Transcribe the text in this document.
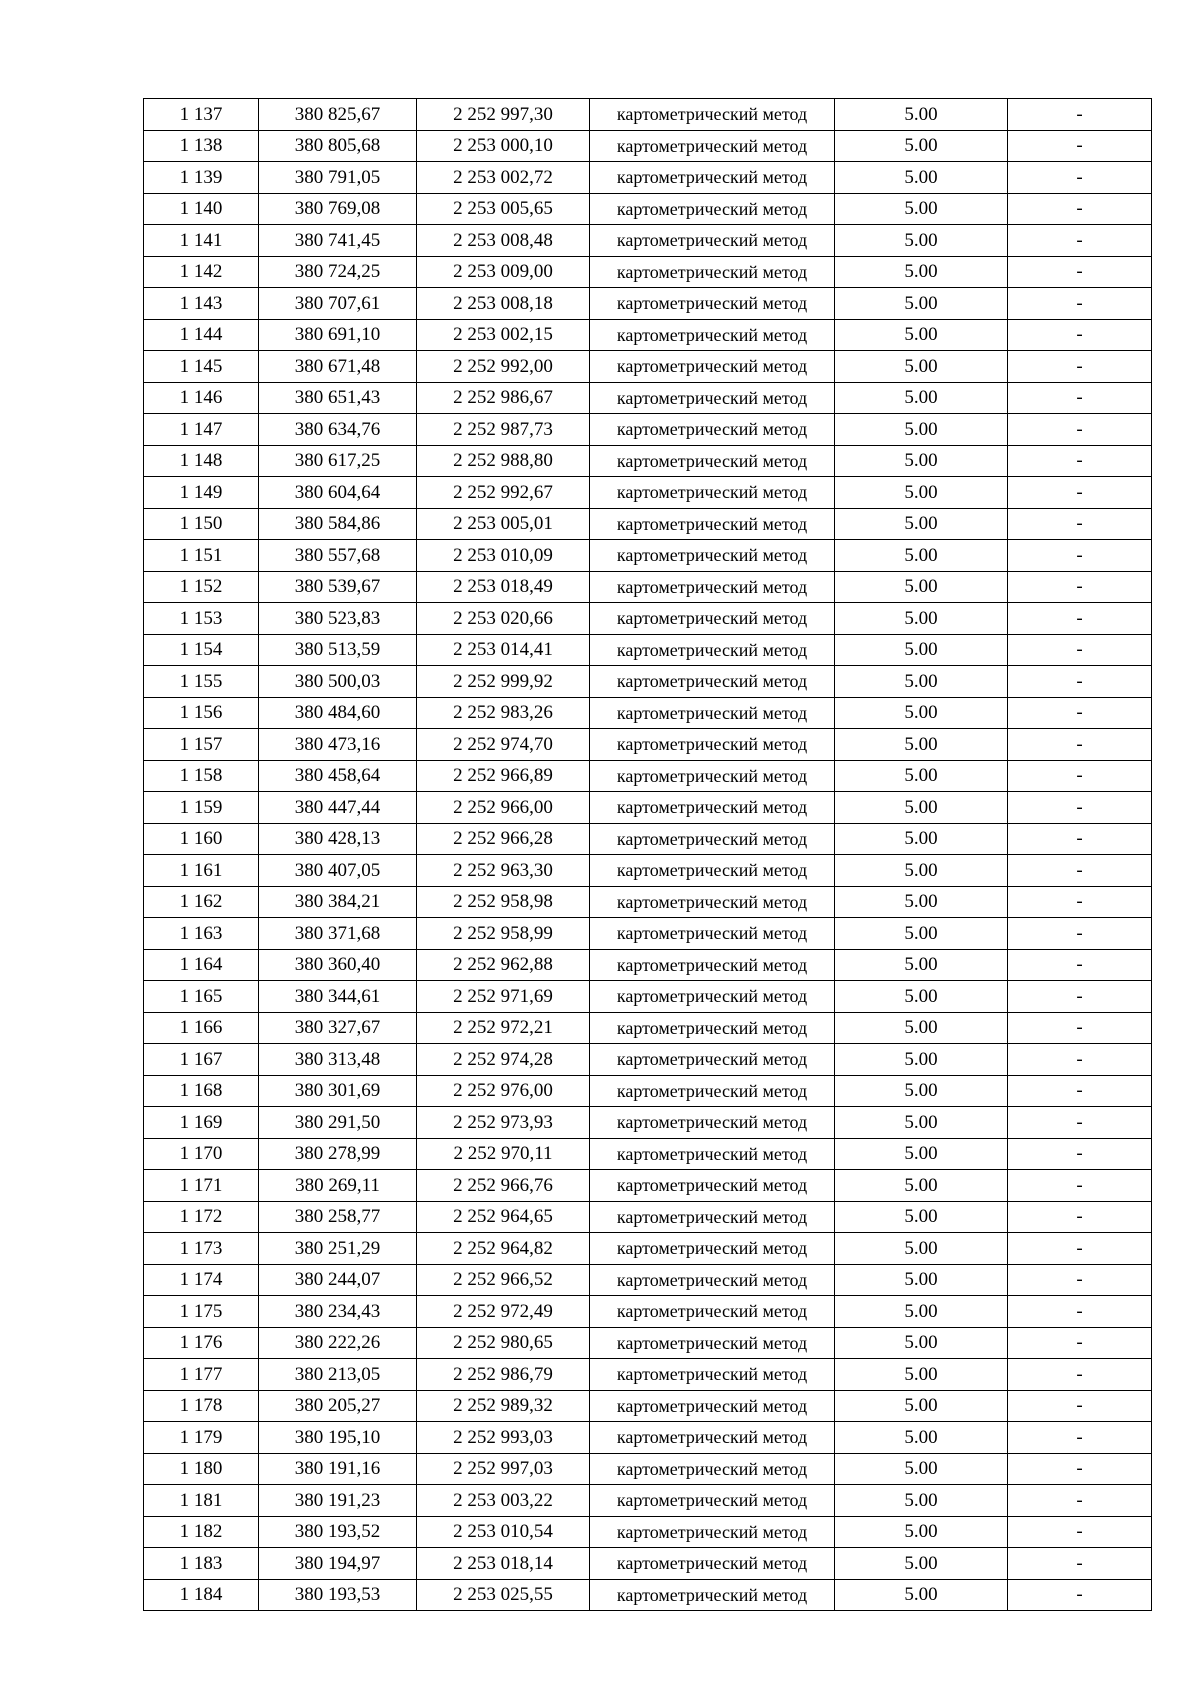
1 137	380 825,67	2 252 997,30	картометрический метод	5.00	-
1 138	380 805,68	2 253 000,10	картометрический метод	5.00	-
1 139	380 791,05	2 253 002,72	картометрический метод	5.00	-
1 140	380 769,08	2 253 005,65	картометрический метод	5.00	-
1 141	380 741,45	2 253 008,48	картометрический метод	5.00	-
1 142	380 724,25	2 253 009,00	картометрический метод	5.00	-
1 143	380 707,61	2 253 008,18	картометрический метод	5.00	-
1 144	380 691,10	2 253 002,15	картометрический метод	5.00	-
1 145	380 671,48	2 252 992,00	картометрический метод	5.00	-
1 146	380 651,43	2 252 986,67	картометрический метод	5.00	-
1 147	380 634,76	2 252 987,73	картометрический метод	5.00	-
1 148	380 617,25	2 252 988,80	картометрический метод	5.00	-
1 149	380 604,64	2 252 992,67	картометрический метод	5.00	-
1 150	380 584,86	2 253 005,01	картометрический метод	5.00	-
1 151	380 557,68	2 253 010,09	картометрический метод	5.00	-
1 152	380 539,67	2 253 018,49	картометрический метод	5.00	-
1 153	380 523,83	2 253 020,66	картометрический метод	5.00	-
1 154	380 513,59	2 253 014,41	картометрический метод	5.00	-
1 155	380 500,03	2 252 999,92	картометрический метод	5.00	-
1 156	380 484,60	2 252 983,26	картометрический метод	5.00	-
1 157	380 473,16	2 252 974,70	картометрический метод	5.00	-
1 158	380 458,64	2 252 966,89	картометрический метод	5.00	-
1 159	380 447,44	2 252 966,00	картометрический метод	5.00	-
1 160	380 428,13	2 252 966,28	картометрический метод	5.00	-
1 161	380 407,05	2 252 963,30	картометрический метод	5.00	-
1 162	380 384,21	2 252 958,98	картометрический метод	5.00	-
1 163	380 371,68	2 252 958,99	картометрический метод	5.00	-
1 164	380 360,40	2 252 962,88	картометрический метод	5.00	-
1 165	380 344,61	2 252 971,69	картометрический метод	5.00	-
1 166	380 327,67	2 252 972,21	картометрический метод	5.00	-
1 167	380 313,48	2 252 974,28	картометрический метод	5.00	-
1 168	380 301,69	2 252 976,00	картометрический метод	5.00	-
1 169	380 291,50	2 252 973,93	картометрический метод	5.00	-
1 170	380 278,99	2 252 970,11	картометрический метод	5.00	-
1 171	380 269,11	2 252 966,76	картометрический метод	5.00	-
1 172	380 258,77	2 252 964,65	картометрический метод	5.00	-
1 173	380 251,29	2 252 964,82	картометрический метод	5.00	-
1 174	380 244,07	2 252 966,52	картометрический метод	5.00	-
1 175	380 234,43	2 252 972,49	картометрический метод	5.00	-
1 176	380 222,26	2 252 980,65	картометрический метод	5.00	-
1 177	380 213,05	2 252 986,79	картометрический метод	5.00	-
1 178	380 205,27	2 252 989,32	картометрический метод	5.00	-
1 179	380 195,10	2 252 993,03	картометрический метод	5.00	-
1 180	380 191,16	2 252 997,03	картометрический метод	5.00	-
1 181	380 191,23	2 253 003,22	картометрический метод	5.00	-
1 182	380 193,52	2 253 010,54	картометрический метод	5.00	-
1 183	380 194,97	2 253 018,14	картометрический метод	5.00	-
1 184	380 193,53	2 253 025,55	картометрический метод	5.00	-
